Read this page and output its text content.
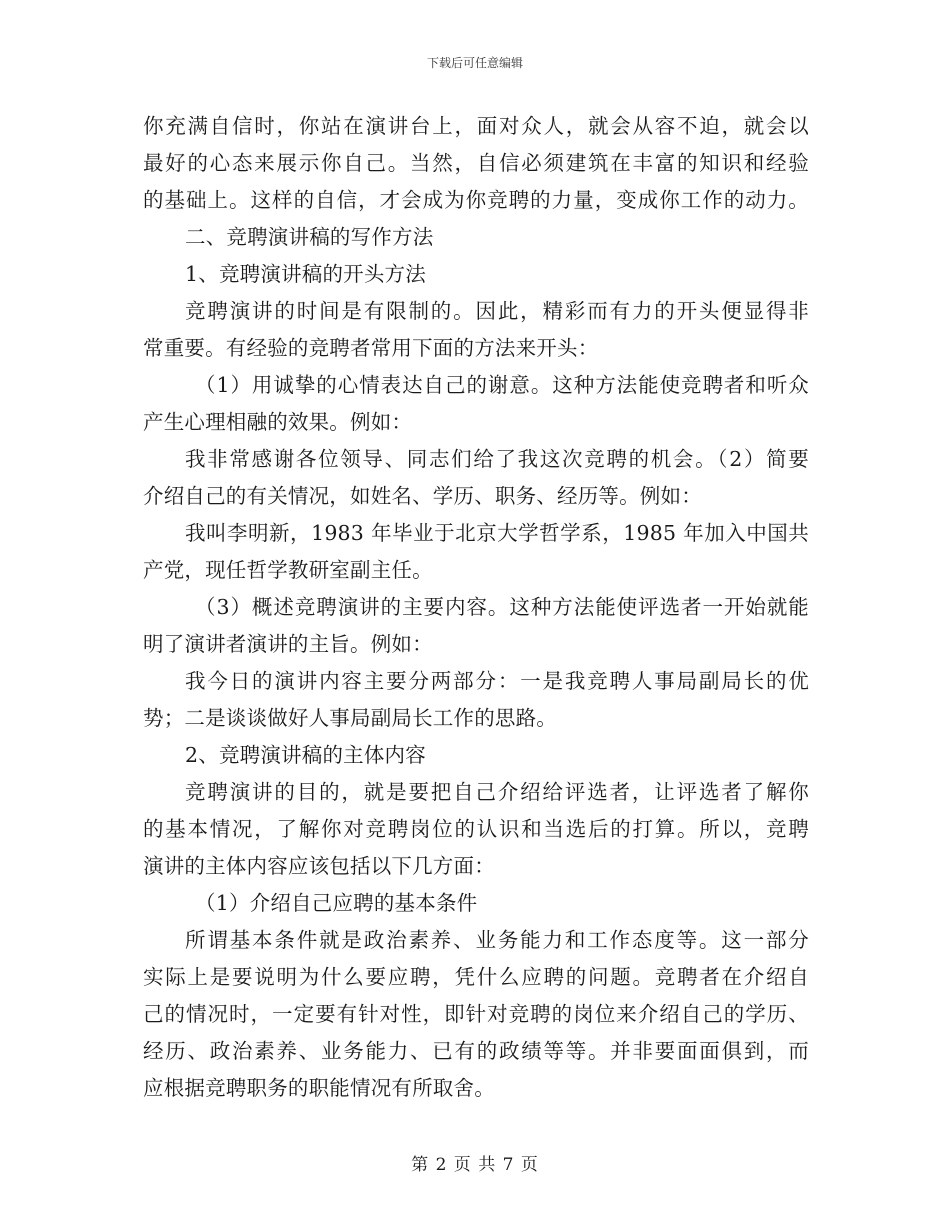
下载后可任意编辑
你充满自信时，你站在演讲台上，面对众人，就会从容不迫，就会以
最好的心态来展示你自己。当然，自信必须建筑在丰富的知识和经验
的基础上。这样的自信，才会成为你竞聘的力量，变成你工作的动力。
二、竞聘演讲稿的写作方法
1、竞聘演讲稿的开头方法
竞聘演讲的时间是有限制的。因此，精彩而有力的开头便显得非
常重要。有经验的竞聘者常用下面的方法来开头：
（1）用诚挚的心情表达自己的谢意。这种方法能使竞聘者和听众
产生心理相融的效果。例如：
我非常感谢各位领导、同志们给了我这次竞聘的机会。（2）简要
介绍自己的有关情况，如姓名、学历、职务、经历等。例如：
我叫李明新，1983 年毕业于北京大学哲学系，1985 年加入中国共
产党，现任哲学教研室副主任。
（3）概述竞聘演讲的主要内容。这种方法能使评选者一开始就能
明了演讲者演讲的主旨。例如：
我今日的演讲内容主要分两部分：一是我竞聘人事局副局长的优
势；二是谈谈做好人事局副局长工作的思路。
2、竞聘演讲稿的主体内容
竞聘演讲的目的，就是要把自己介绍给评选者，让评选者了解你
的基本情况，了解你对竞聘岗位的认识和当选后的打算。所以，竞聘
演讲的主体内容应该包括以下几方面：
（1）介绍自己应聘的基本条件
所谓基本条件就是政治素养、业务能力和工作态度等。这一部分
实际上是要说明为什么要应聘，凭什么应聘的问题。竞聘者在介绍自
己的情况时，一定要有针对性，即针对竞聘的岗位来介绍自己的学历、
经历、政治素养、业务能力、已有的政绩等等。并非要面面俱到，而
应根据竞聘职务的职能情况有所取舍。
第 2 页 共 7 页
